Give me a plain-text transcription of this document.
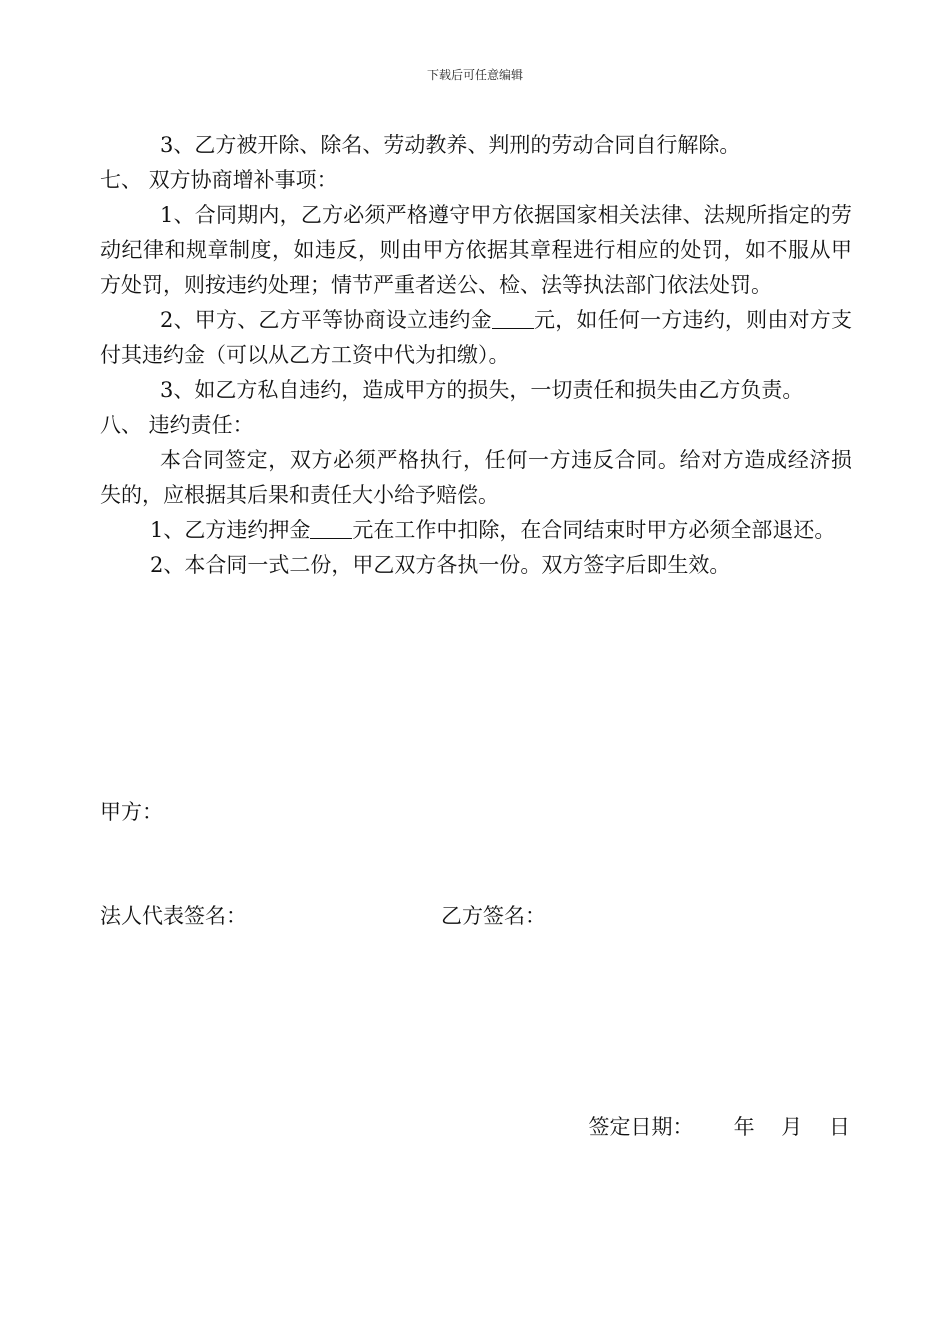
下载后可任意编辑

3、乙方被开除、除名、劳动教养、判刑的劳动合同自行解除。

七、 双方协商增补事项：

1、合同期内，乙方必须严格遵守甲方依据国家相关法律、法规所指定的劳动纪律和规章制度，如违反，则由甲方依据其章程进行相应的处罚，如不服从甲方处罚，则按违约处理；情节严重者送公、检、法等执法部门依法处罚。

2、甲方、乙方平等协商设立违约金 元，如任何一方违约，则由对方支付其违约金（可以从乙方工资中代为扣缴）。

3、如乙方私自违约，造成甲方的损失，一切责任和损失由乙方负责。

八、 违约责任：

本合同签定，双方必须严格执行，任何一方违反合同。给对方造成经济损失的，应根据其后果和责任大小给予赔偿。

1、乙方违约押金 元在工作中扣除，在合同结束时甲方必须全部退还。

2、本合同一式二份，甲乙双方各执一份。双方签字后即生效。

甲方：
法人代表签名：	乙方签名：
签定日期： 年 月 日
